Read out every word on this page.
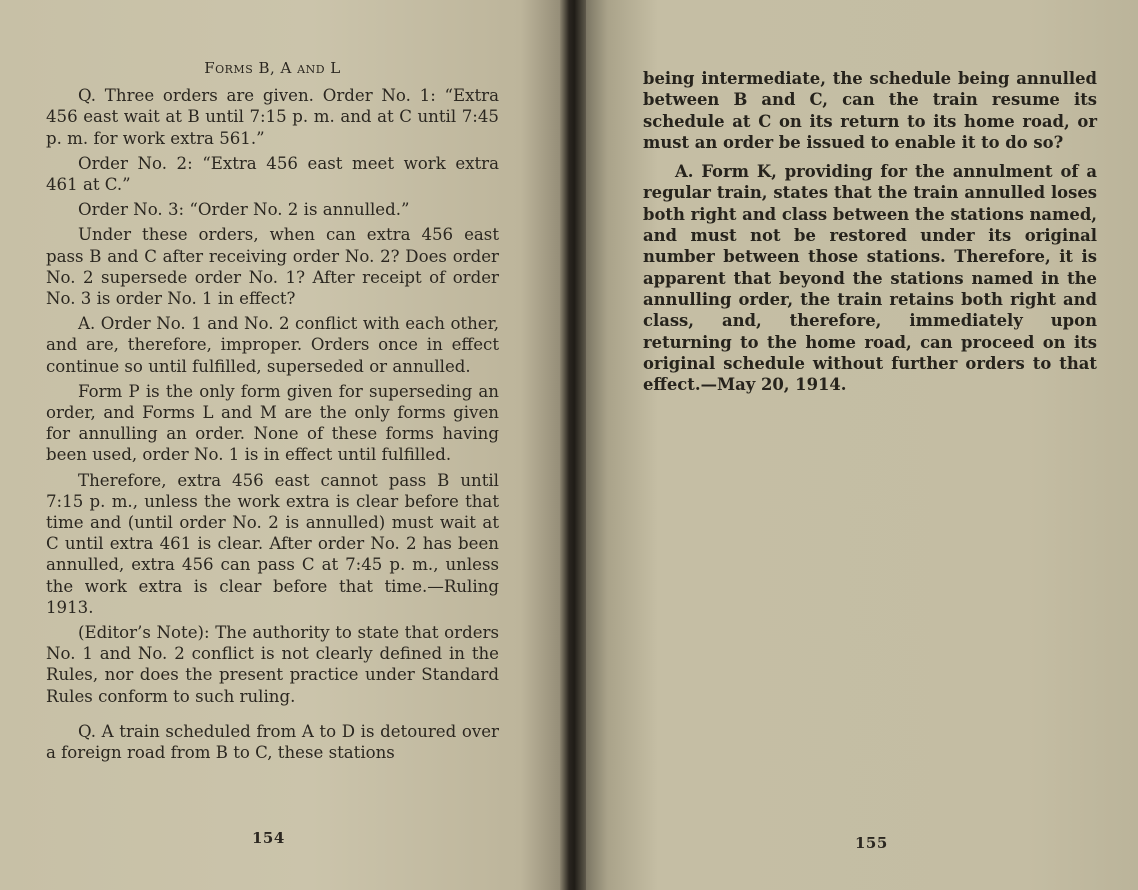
Forms B, A and L

Q. Three orders are given. Order No. 1: “Extra 456 east wait at B until 7:15 p. m. and at C until 7:45 p. m. for work extra 561.”

Order No. 2: “Extra 456 east meet work extra 461 at C.”

Order No. 3: “Order No. 2 is annulled.”

Under these orders, when can extra 456 east pass B and C after receiving order No. 2? Does order No. 2 supersede order No. 1? After receipt of order No. 3 is order No. 1 in effect?

A. Order No. 1 and No. 2 conflict with each other, and are, therefore, improper. Orders once in effect continue so until fulfilled, superseded or annulled.

Form P is the only form given for superseding an order, and Forms L and M are the only forms given for annulling an order. None of these forms having been used, order No. 1 is in effect until fulfilled.

Therefore, extra 456 east cannot pass B until 7:15 p. m., unless the work extra is clear before that time and (until order No. 2 is annulled) must wait at C until extra 461 is clear. After order No. 2 has been annulled, extra 456 can pass C at 7:45 p. m., unless the work extra is clear before that time.—Ruling 1913.

(Editor’s Note): The authority to state that orders No. 1 and No. 2 conflict is not clearly defined in the Rules, nor does the present practice under Standard Rules conform to such ruling.

Q. A train scheduled from A to D is detoured over a foreign road from B to C, these stations

154

being intermediate, the schedule being annulled between B and C, can the train resume its schedule at C on its return to its home road, or must an order be issued to enable it to do so?

A. Form K, providing for the annulment of a regular train, states that the train annulled loses both right and class between the stations named, and must not be restored under its original number between those stations. Therefore, it is apparent that beyond the stations named in the annulling order, the train retains both right and class, and, therefore, immediately upon returning to the home road, can proceed on its original schedule without further orders to that effect.—May 20, 1914.

155
